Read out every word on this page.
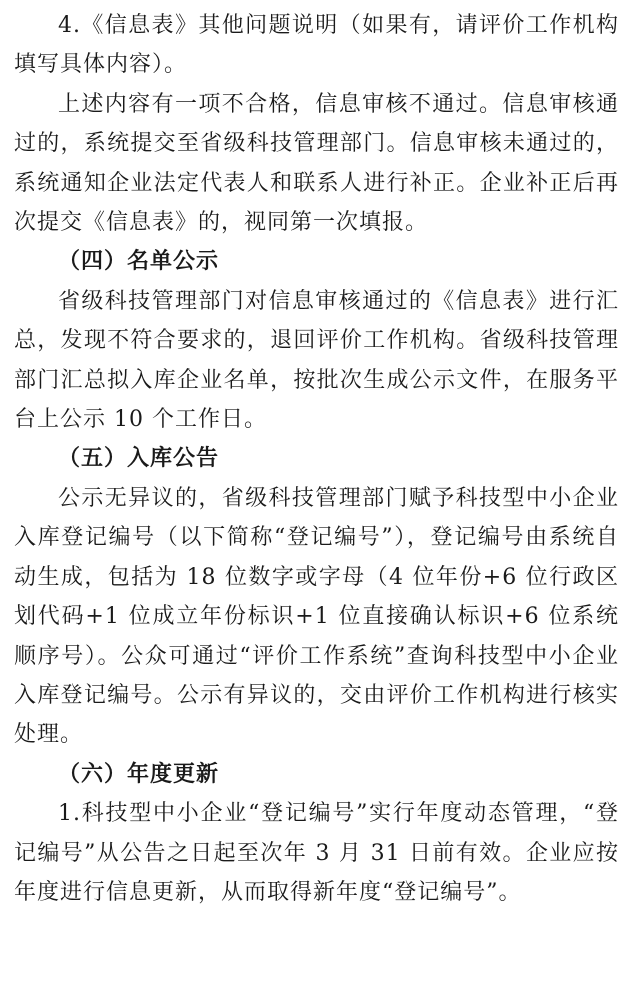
4.《信息表》其他问题说明（如果有，请评价工作机构填写具体内容）。

上述内容有一项不合格，信息审核不通过。信息审核通过的，系统提交至省级科技管理部门。信息审核未通过的，系统通知企业法定代表人和联系人进行补正。企业补正后再次提交《信息表》的，视同第一次填报。

（四）名单公示

省级科技管理部门对信息审核通过的《信息表》进行汇总，发现不符合要求的，退回评价工作机构。省级科技管理部门汇总拟入库企业名单，按批次生成公示文件，在服务平台上公示 10 个工作日。

（五）入库公告

公示无异议的，省级科技管理部门赋予科技型中小企业入库登记编号（以下简称“登记编号”），登记编号由系统自动生成，包括为 18 位数字或字母（4 位年份+6 位行政区划代码+1 位成立年份标识+1 位直接确认标识+6 位系统顺序号）。公众可通过“评价工作系统”查询科技型中小企业入库登记编号。公示有异议的，交由评价工作机构进行核实处理。

（六）年度更新

1.科技型中小企业“登记编号”实行年度动态管理，“登记编号”从公告之日起至次年 3 月 31 日前有效。企业应按年度进行信息更新，从而取得新年度“登记编号”。
